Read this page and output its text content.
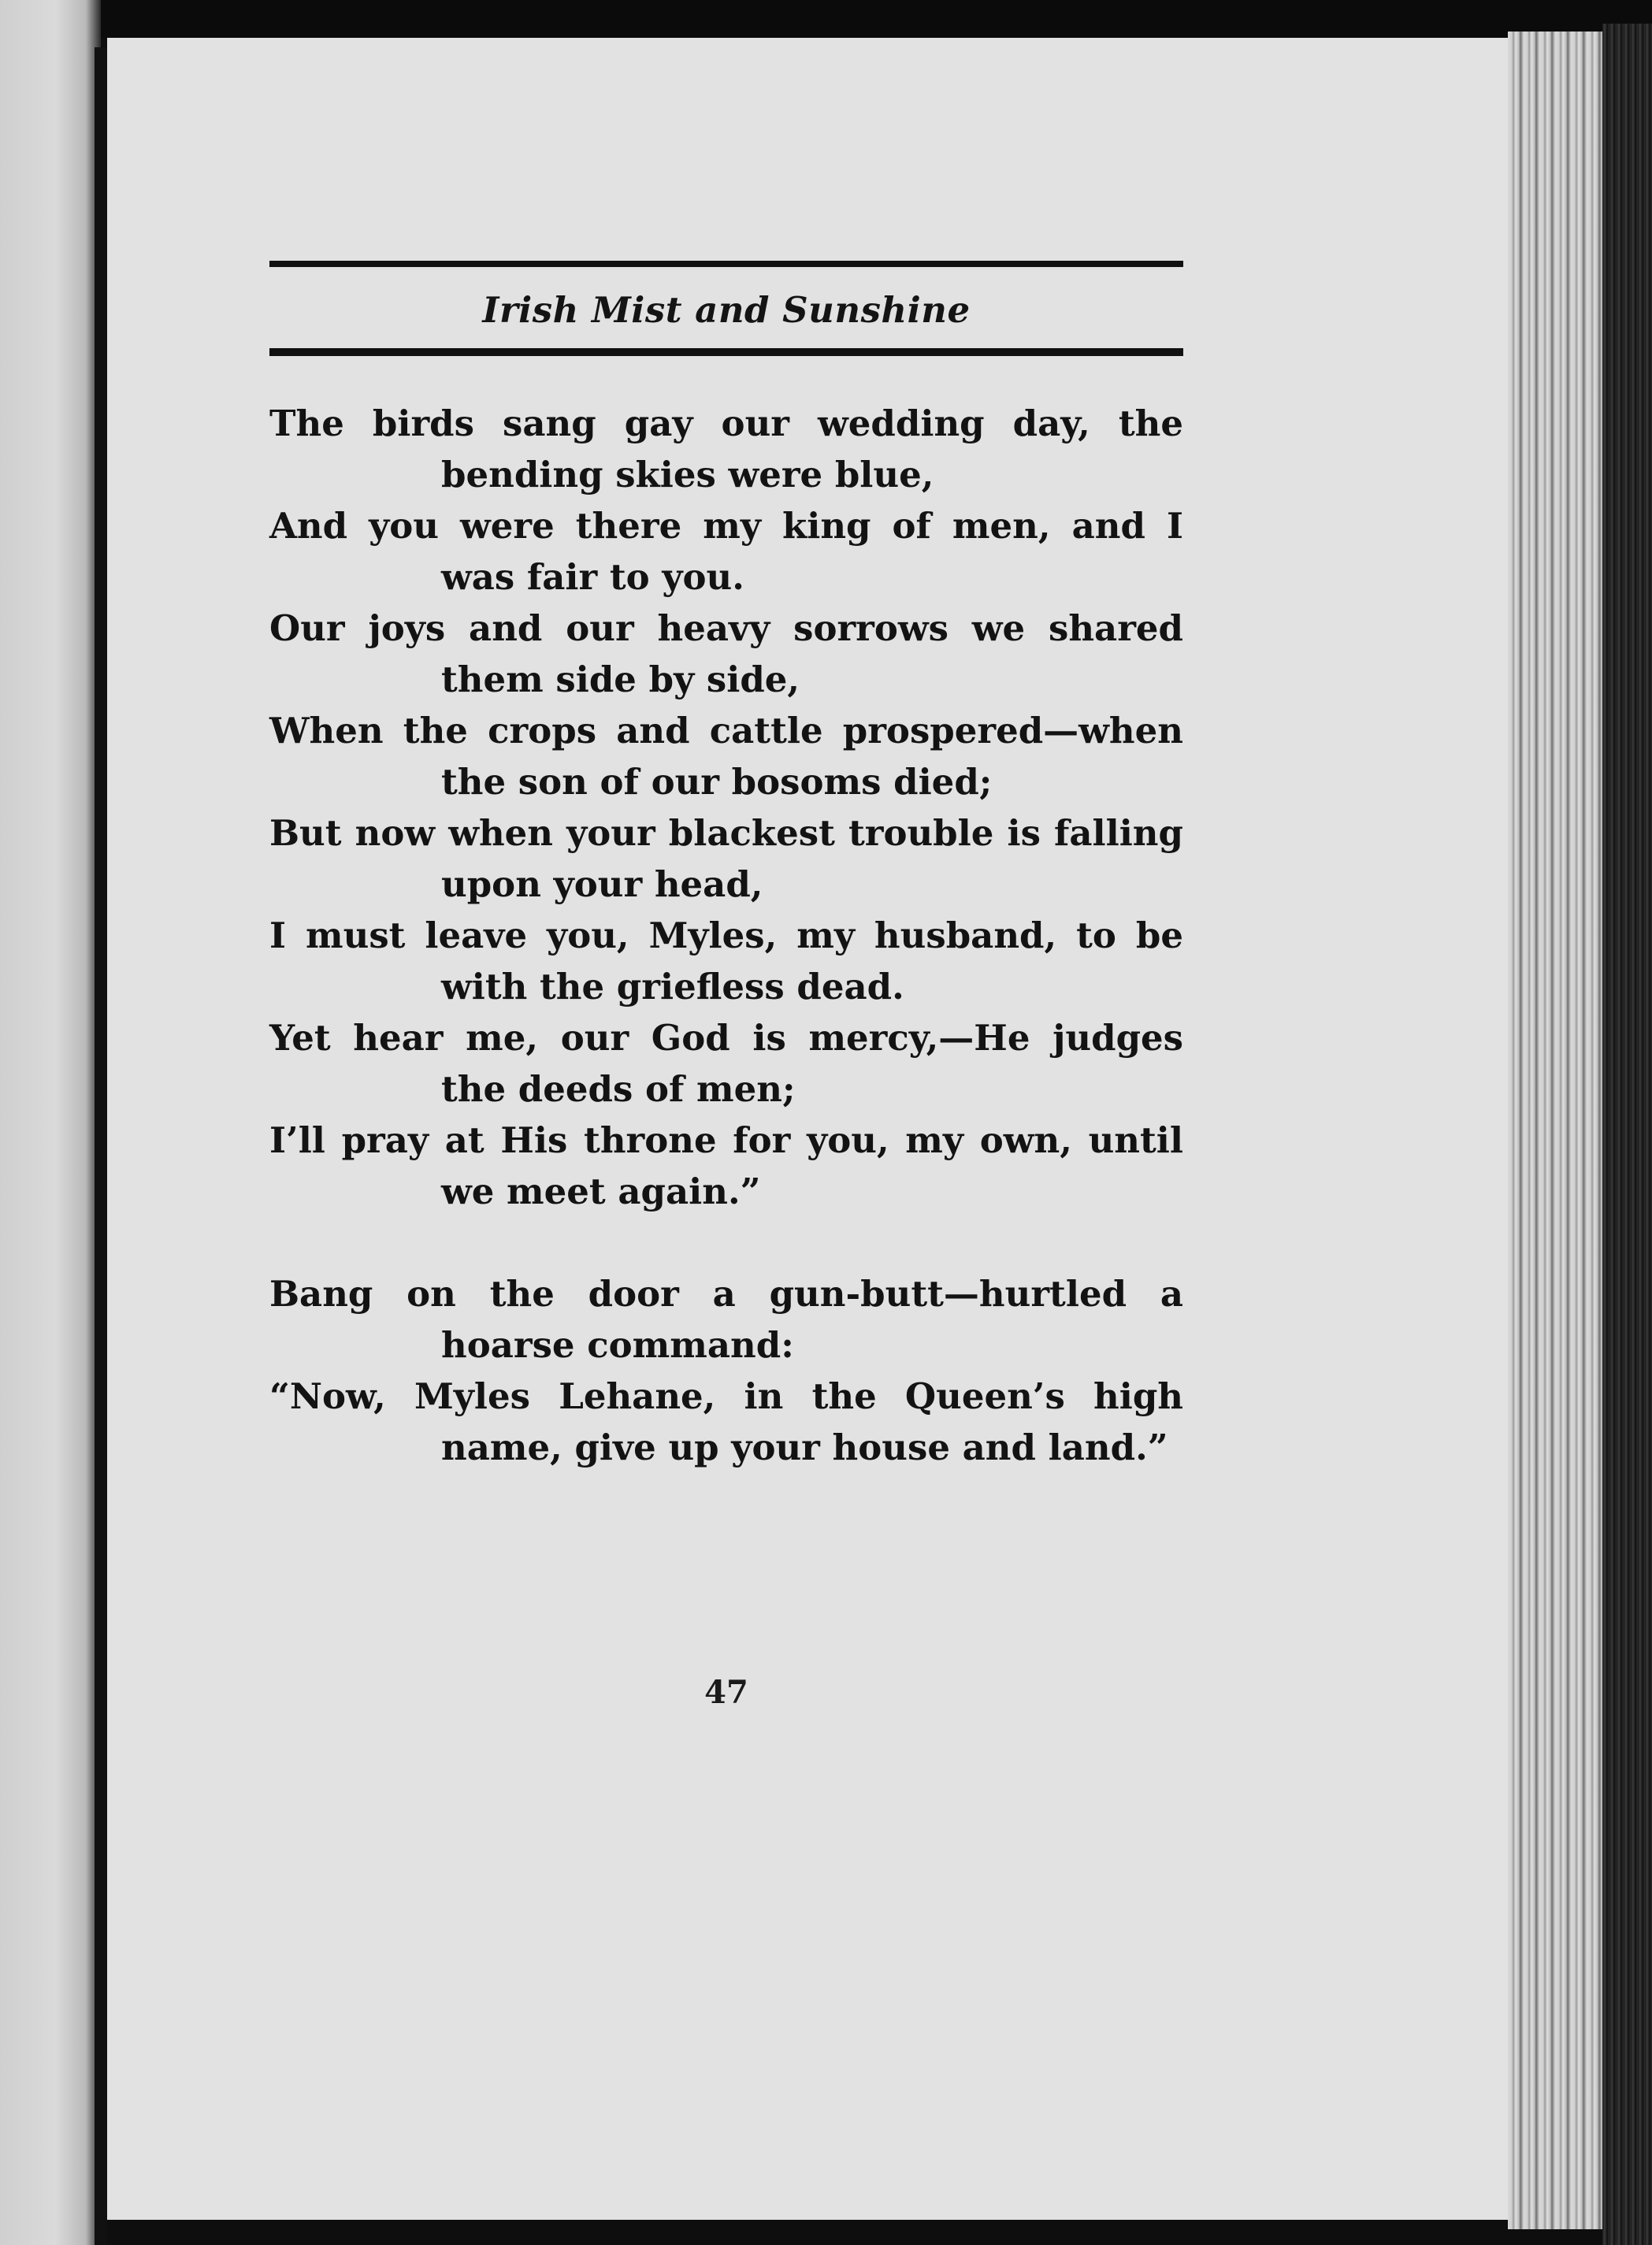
Irish Mist and Sunshine
The birds sang gay our wedding day, the bending skies were blue,
And you were there my king of men, and I was fair to you.
Our joys and our heavy sorrows we shared them side by side,
When the crops and cattle prospered—when the son of our bosoms died;
But now when your blackest trouble is falling upon your head,
I must leave you, Myles, my husband, to be with the griefless dead.
Yet hear me, our God is mercy,—He judges the deeds of men;
I’ll pray at His throne for you, my own, until we meet again.”
Bang on the door a gun-butt—hurtled a hoarse command:
“Now, Myles Lehane, in the Queen’s high name, give up your house and land.”
47
